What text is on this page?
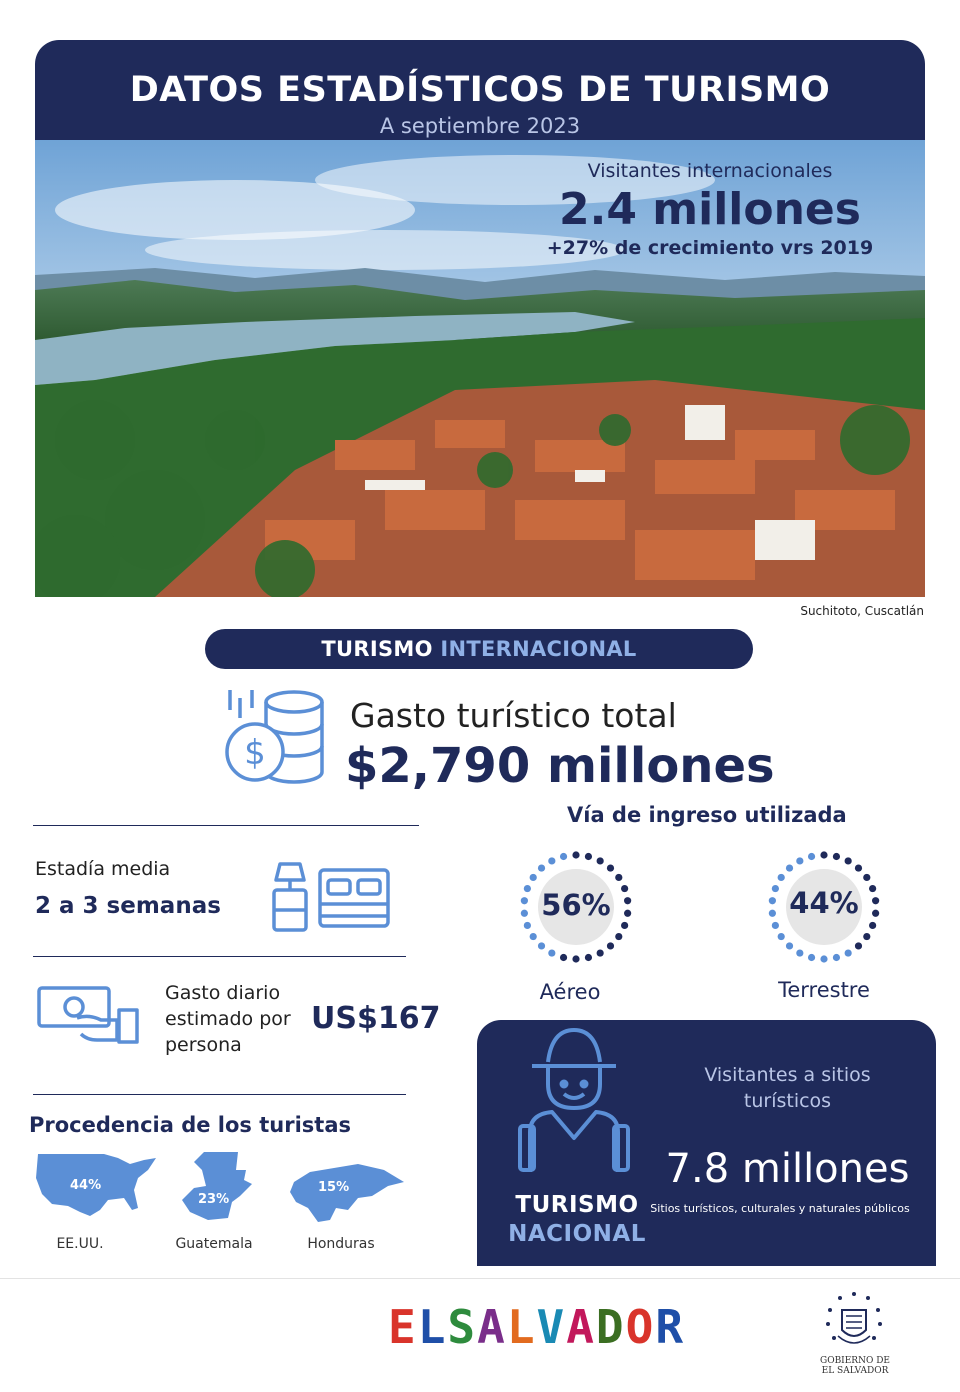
DATOS ESTADÍSTICOS DE TURISMO
A septiembre 2023
Visitantes internacionales
2.4 millones
+27% de crecimiento vrs 2019
Suchitoto, Cuscatlán
TURISMO INTERNACIONAL
$
Gasto turístico total
$2,790 millones
Estadía media
2 a 3 semanas
Gasto diario
estimado por
persona
US$167
Procedencia de los turistas
44%
EE.UU.
23%
Guatemala
15%
Honduras
Vía de ingreso utilizada
56%
Aéreo
44%
Terrestre
Visitantes a sitios
turísticos
7.8 millones
Sitios turísticos, culturales y naturales públicos
TURISMO
NACIONAL
ELSALVADOR
GOBIERNO DE
EL SALVADOR
